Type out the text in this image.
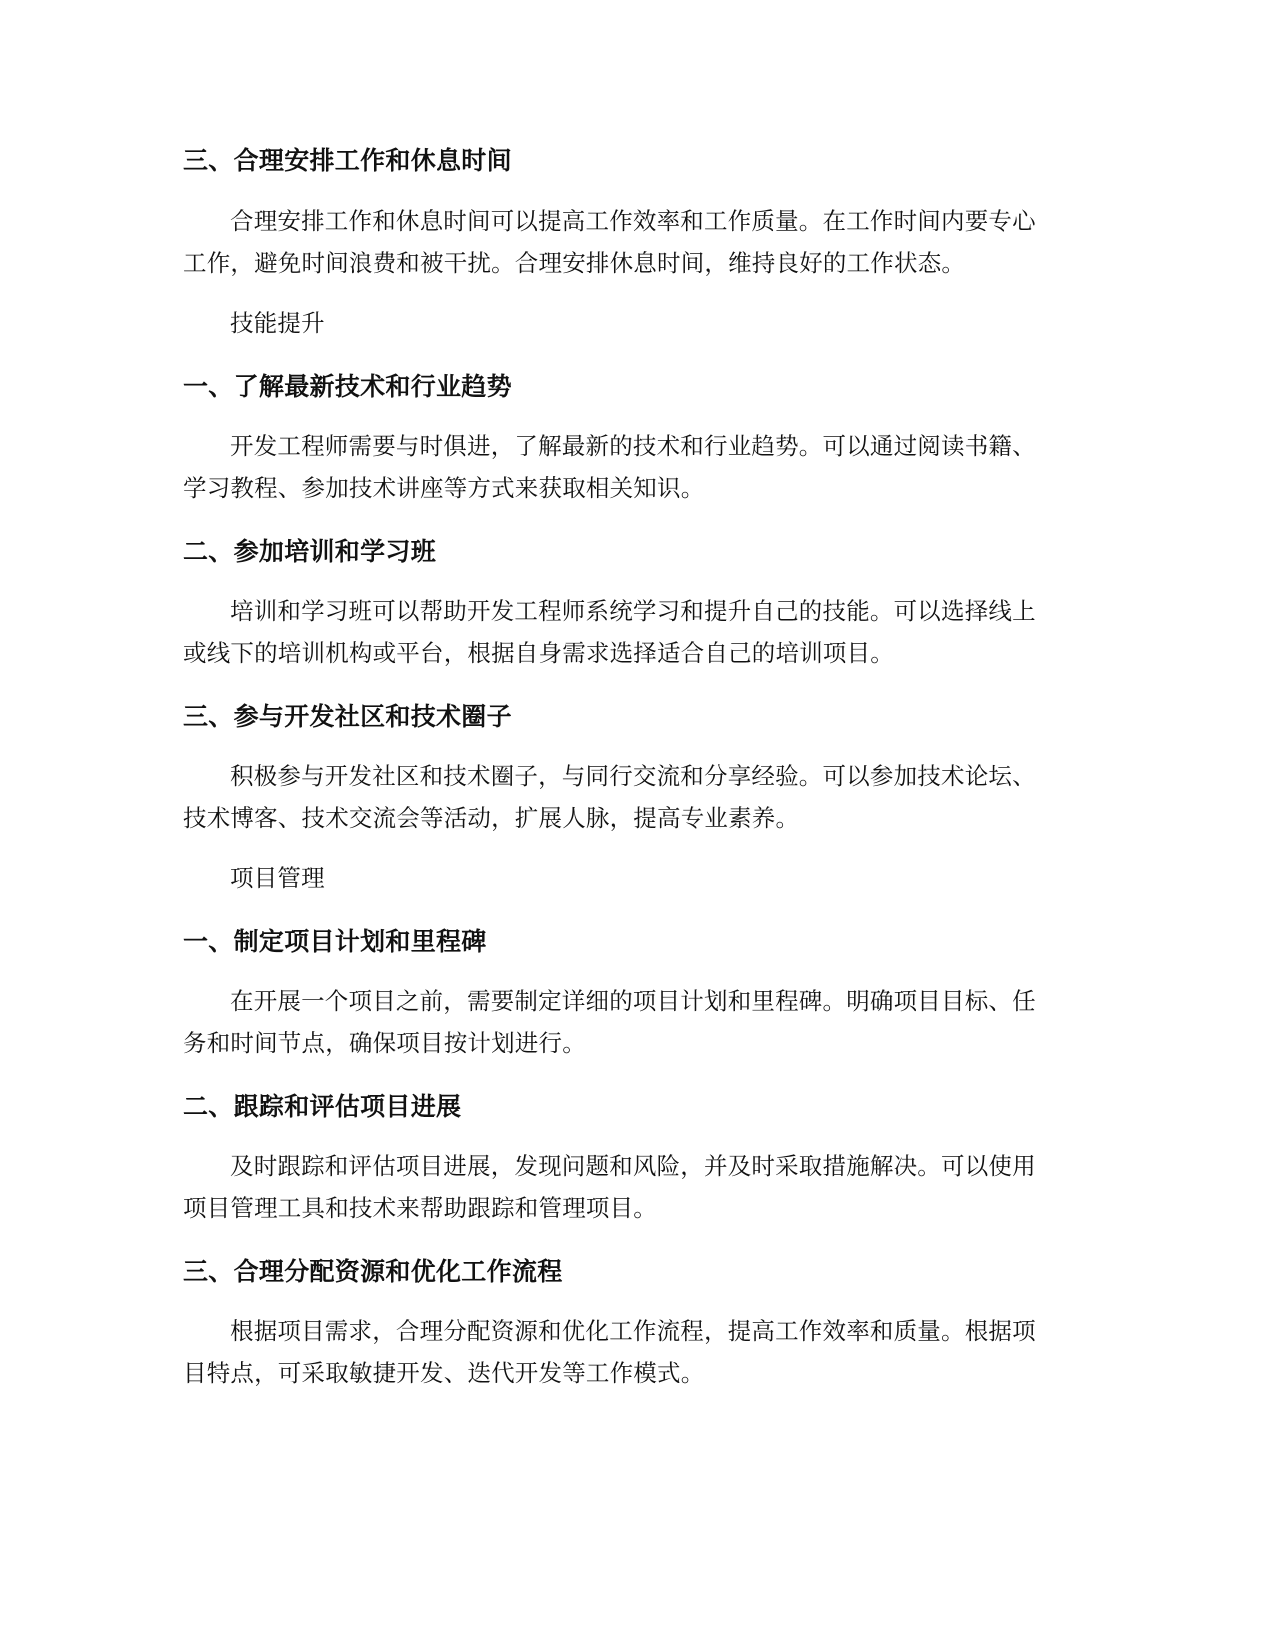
三、合理安排工作和休息时间
合理安排工作和休息时间可以提高工作效率和工作质量。在工作时间内要专心
工作，避免时间浪费和被干扰。合理安排休息时间，维持良好的工作状态。
技能提升
一、了解最新技术和行业趋势
开发工程师需要与时俱进，了解最新的技术和行业趋势。可以通过阅读书籍、
学习教程、参加技术讲座等方式来获取相关知识。
二、参加培训和学习班
培训和学习班可以帮助开发工程师系统学习和提升自己的技能。可以选择线上
或线下的培训机构或平台，根据自身需求选择适合自己的培训项目。
三、参与开发社区和技术圈子
积极参与开发社区和技术圈子，与同行交流和分享经验。可以参加技术论坛、
技术博客、技术交流会等活动，扩展人脉，提高专业素养。
项目管理
一、制定项目计划和里程碑
在开展一个项目之前，需要制定详细的项目计划和里程碑。明确项目目标、任
务和时间节点，确保项目按计划进行。
二、跟踪和评估项目进展
及时跟踪和评估项目进展，发现问题和风险，并及时采取措施解决。可以使用
项目管理工具和技术来帮助跟踪和管理项目。
三、合理分配资源和优化工作流程
根据项目需求，合理分配资源和优化工作流程，提高工作效率和质量。根据项
目特点，可采取敏捷开发、迭代开发等工作模式。
